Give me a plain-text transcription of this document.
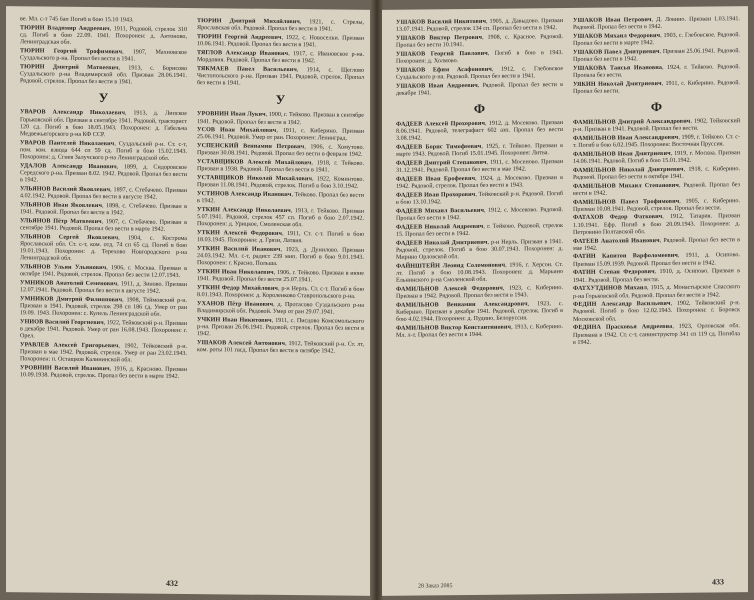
ве. Мл. с-т 745 бап Погиб в бою 15.10 1943.
ТЮРИН Владимир Андреевич, 1911, Родовой, стрелок 310 сд. Погиб в бою 22.09. 1941. Похоронен: д. Антоново, Ленинградская обл.
ТЮРИН Георгий Трофимович, 1907, Махновское Суздальского р-на. Пропал без вести в 1941.
ТЮРИН Дмитрий Матвеевич, 1913, с. Борисово Суздальского р-на Владимирской обл. Призван 28.06.1941. Рядовой, стрелок. Пропал без вести в 1941.
У
УВАРОВ Александр Николаевич, 1913, д. Липское Горьковской обл. Призван в сентябре 1941. Рядовой, тракторист 120 сд. Погиб в бою 18.05.1943. Похоронен: д. Габельча Медвежьегорского р-на КФ ССР.
УВАРОВ Пантелей Николаевич, Суздальский р-н. Ст. с-т, пом. ком. взвода 644 сп 59 сд. Погиб в бою 15.02.1943. Похоронен: д. Сгнев Залучского р-на Ленинградской обл.
УДАЛОВ Александр Иванович, 1899, д. Сидоровское Середского р-на. Призван 8.02. 1942. Рядовой. Пропал без вести в 1942.
УЛЬЯНОВ Василий Яковлевич, 1897, с. Стебачево. Призван 4.02.1942. Рядовой. Пропал без вести в августе 1942.
УЛЬЯНОВ Иван Яковлевич, 1898, с. Стебачево. Призван в 1941. Рядовой. Пропал без вести в 1942.
УЛЬЯНОВ Пётр Матвеевич, 1907, с. Стебачево. Призван в сентябре 1941. Рядовой. Пропал без вести в марте 1942.
УЛЬЯНОВ Сергей Яковлевич, 1904, с. Кострома Ярославской обл. Ст. с-т, ком. отд. 74 сп 65 сд. Погиб в бою 19.01.1943. Похоронен: д. Терехово Новгородского р-на Ленинградской обл.
УЛЬЯНОВ Ульян Ульянович, 1906, г. Москва. Призван в октябре 1941. Рядовой, стрелок. Пропал без вести 12.07.1943.
УМНИКОВ Анатолий Семенович, 1911, д. Зиново. Призван 12.07.1941. Рядовой. Пропал без вести в августе 1942.
УМНИКОВ Дмитрий Филиппович, 1908, Теймовский р-н. Призван в 1941. Рядовой, стрелок 298 сп 186 сд. Умер от ран 19.09. 1943. Похоронен: с. Купель Ленинградской обл.
УНИОВ Василий Георгиевич, 1922, Тейковский р-н. Призван в декабре 1941. Рядовой. Умер от ран 16.08.1943. Похоронен: г. Орел.
УРАВЛЕВ Алексей Григорьевич, 1902, Тейковский р-н. Призван в мае 1942. Рядовой, стрелок. Умер от ран 23.02.1943. Похоронен: п. Остащков Калининской обл.
УРОВНИН Василий Иванович, 1916, д. Красново. Призван 10.09.1938. Рядовой, стрелок. Пропал без вести в марте 1942.
ТЮРИН Дмитрий Михайлович, 1921, с. Стрелы, Ярославская обл. Рядовой. Пропал без вести в 1941.
ТЮРИН Георгий Андреевич, 1922, с. Новоселки. Призван 10.06.1941. Рядовой. Пропал без вести в 1941.
ТЯГЛОВ Александр Иванович, 1917, с. Ивановское р-на. Мордовия. Рядовой. Пропал без вести в 1942.
ТЯКМАЕВ Павел Васильевич, 1914, с. Щеглово Чистопольского р-на. Призван 1941. Рядовой, стрелок. Пропал без вести в 1941.
У
УРОВНИН Иван Лукич, 1900, г. Тейково. Призван в сентябре 1941. Рядовой. Пропал без вести в 1942.
УСОВ Иван Михайлович, 1911, с. Киберино. Призван 25.06.1941. Рядовой. Умер от ран. Похоронен: Ленинград.
УСПЕНСКИЙ Вениамин Петрович, 1906, с. Хомутово. Призван 30.08.1941. Рядовой. Пропал без вести в феврале 1942.
УСТАВЩИКОВ Алексей Михайлович, 1918, г. Тейково. Призван в 1938. Рядовой. Пропал без вести в 1941.
УСТАВЩИКОВ Николай Михайлович, 1922, Коминтово. Призван 11.08.1941. Рядовой, стрелок. Погиб в бою 3.10.1942.
УСТИНОВ Александр Иванович, Тейково. Пропал без вести в 1942.
УТКИН Александр Николаевич, 1913, г. Тейково. Призван 5.07.1941. Рядовой, стрелок 457 сп. Погиб в бою 2.07.1942. Похоронен: д. Урицкое, Смоленская обл.
УТКИН Алексей Федорович, 1911, Ст. с-т. Погиб в бою 18.03.1945. Похоронен: д. Грязи, Латвия.
УТКИН Василий Иванович, 1923, д. Дунилово. Призван 24.03.1942. Мл. с-т, радист 239 мнп. Погиб в бою 9.01.1943. Похоронен: г. Красно, Польша.
УТКИН Иван Николаевич, 1906, г. Тейково. Призван в июне 1941. Рядовой. Пропал без вести 25.07.1941.
УТКИН Федор Михайлович, р-н Нерль. Ст. с-т. Погиб в бою 8.01.1943. Похоронен: д. Короленково Ставропольского р-на.
УХАНОВ Пётр Иванович, д. Протасово Суздальского р-на Владимирской обл. Рядовой. Умер от ран 29.07.1941.
УЧКИН Иван Никитович, 1911, с. Писцово Комсомольского р-на. Призван 26.06.1941. Рядовой, стрелок. Пропал без вести в 1942.
УШАКОВ Алексей Антонович, 1912, Тейковский р-н. Ст. лт, ком. роты 101 гвсд. Пропал без вести в октябре 1942.
432
УШАКОВ Василий Никитович, 1905, д. Давыдово. Призван 13.07.1941. Рядовой, стрелок 134 сп. Пропал без вести в 1942.
УШАКОВ Виктор Петрович, 1908, с. Красное. Рядовой. Пропал без вести 10.1941.
УШАКОВ Георгий Павлович, Погиб в бою в 1943. Похоронен: д. Холмово.
УШАКОВ Ефим Асафонович, 1912, с. Глебовское Суздальского р-на. Рядовой. Пропал без вести в 1941.
УШАКОВ Иван Андреевич, Рядовой. Пропал без вести в декабре 1941.
Ф
ФАДЕЕВ Алексей Прохорович, 1912, д. Мосеково. Призван 8.06.1941. Рядовой, телеграфист 602 азп. Пропал без вести 3.08.1942.
ФАДЕЕВ Борис Тимофеевич, 1925, г. Тейково. Призван в марте 1943. Рядовой. Погиб 15.01.1945. Похоронен: Литва.
ФАДЕЕВ Дмитрий Степанович, 1911, с. Мосеново. Призван 31.12.1941. Рядовой. Пропал без вести в мае 1942.
ФАДЕЕВ Иван Ерофеевич, 1924, д. Мосеково. Призван в 1942. Рядовой, стрелок. Пропал без вести в 1943.
ФАДЕЕВ Иван Прохорович, Тейковский р-н. Рядовой. Погиб в бою 13.10.1942.
ФАДЕЕВ Михаил Васильевич, 1912, с. Мосеково. Рядовой. Пропал без вести в 1942.
ФАДЕЕВ Николай Андреевич, г. Тейково. Рядовой, стрелок 15. Пропал без вести в 1942.
ФАДЕЕВ Николай Дмитриевич, р-н Нерль. Призван в 1941. Рядовой, стрелок. Погиб в бою 30.07.1943. Похоронен: д. Мирино Орловской обл.
ФАЙНШТЕЙН Леонид Соломонович, 1916, г. Херсон. Ст. лт. Погиб в бою 10.08.1943. Похоронен: д. Марьино Ельнинского р-на Смоленской обл.
ФАМИЛЬНОВ Алексей Федорович, 1923, с. Киберино. Призван в 1942. Рядовой. Пропал без вести в 1943.
ФАМИЛЬНОВ Вениамин Александрович, 1923, с. Киберино. Призван в декабре 1941. Рядовой, стрелок. Погиб в бою 4.02.1944. Похоронен: д. Пудино, Белоруссия.
ФАМИЛЬНОВ Виктор Константинович, 1913, с. Киберино. Мл. л-т. Пропал без вести в 1944.
УШАКОВ Иван Петрович, Д. Ловино. Призван 1.03.1941. Рядовой. Пропал без вести в 1942.
УШАКОВ Михаил Федорович, 1903, с. Глебовское. Рядовой. Пропал без вести в марте 1942.
УШАКОВ Павел Дмитриевич, Призван 25.06.1941. Рядовой. Пропал без вести в 1942.
УШАКОВА Таисья Ивановна, 1924, г. Тейково. Рядовой. Пропала без вести.
УЯКИН Николай Дмитриевич, 1911, с. Киберино. Рядовой. Пропал без вести.
Ф
ФАМИЛЬНОВ Дмитрий Александрович, 1902, Тейковский р-н. Призван в 1941. Рядовой. Пропал без вести.
ФАМИЛЬНОВ Иван Александрович, 1909, г. Тейково. Ст. с-т. Погиб в бою 6.02.1945. Похоронен: Восточная Пруссия.
ФАМИЛЬНОВ Иван Дмитриевич, 1919, г. Москва. Призван 14.06.1941. Рядовой. Погиб в бою 15.01.1942.
ФАМИЛЬНОВ Николай Дмитриевич, 1918, с. Киберино. Рядовой. Пропал без вести в октябре 1941.
ФАМИЛЬНОВ Михаил Степанович, Рядовой. Пропал без вести в 1942.
ФАМИЛЬНОВ Павел Трофимович, 1905, с. Киберино. Призван 10.08.1941. Рядовой, стрелок. Пропал без вести.
ФАТАХОВ Федор Фаткович, 1912, Татария. Призван 1.10.1941. Ефр. Погиб в бою 20.09.1943. Похоронен: д. Петровино Полтавской обл.
ФАТЕЕВ Анатолий Иванович, Рядовой. Пропал без вести в мае 1942.
ФАТИН Капитон Варфоломеевич, 1911, д. Осипово. Призван 15.09.1939. Рядовой. Пропал без вести в 1942.
ФАТИН Степан Федорович, 1910, д. Осипово. Призван в 1941. Рядовой. Пропал без вести.
ФАТХУТДИНОВ Михаил, 1915, д. Монастырское Спасского р-на Горьковской обл. Рядовой. Пропал без вести в 1942.
ФЕДИН Александр Васильевич, 1902, Тейковский р-н. Рядовой. Погиб в бою 12.02.1943. Похоронен: г. Боровск Московской обл.
ФЕДИНА Прасковья Андреевна, 1923, Орловская обл. Призвана в 1942. Ст. с-т, санинструктор 341 сп 119 сд. Погибла в 1942.
28 Заказ 2085	433
